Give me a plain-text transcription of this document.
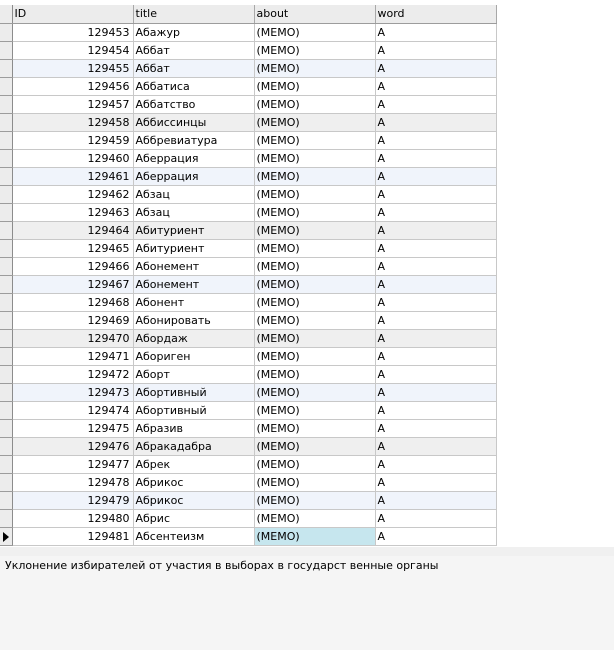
	ID	title	about	word
	129453	Абажур	(MEMO)	А
	129454	Аббат	(MEMO)	А
	129455	Аббат	(MEMO)	А
	129456	Аббатиса	(MEMO)	А
	129457	Аббатство	(MEMO)	А
	129458	Аббиссинцы	(MEMO)	А
	129459	Аббревиатура	(MEMO)	А
	129460	Аберрация	(MEMO)	А
	129461	Аберрация	(MEMO)	А
	129462	Абзац	(MEMO)	А
	129463	Абзац	(MEMO)	А
	129464	Абитуриент	(MEMO)	А
	129465	Абитуриент	(MEMO)	А
	129466	Абонемент	(MEMO)	А
	129467	Абонемент	(MEMO)	А
	129468	Абонент	(MEMO)	А
	129469	Абонировать	(MEMO)	А
	129470	Абордаж	(MEMO)	А
	129471	Абориген	(MEMO)	А
	129472	Аборт	(MEMO)	А
	129473	Абортивный	(MEMO)	А
	129474	Абортивный	(MEMO)	А
	129475	Абразив	(MEMO)	А
	129476	Абракадабра	(MEMO)	А
	129477	Абрек	(MEMO)	А
	129478	Абрикос	(MEMO)	А
	129479	Абрикос	(MEMO)	А
	129480	Абрис	(MEMO)	А

	129481	Абсентеизм	(MEMO)	А
Уклонение избирателей от участия в выборах в государст венные органы
